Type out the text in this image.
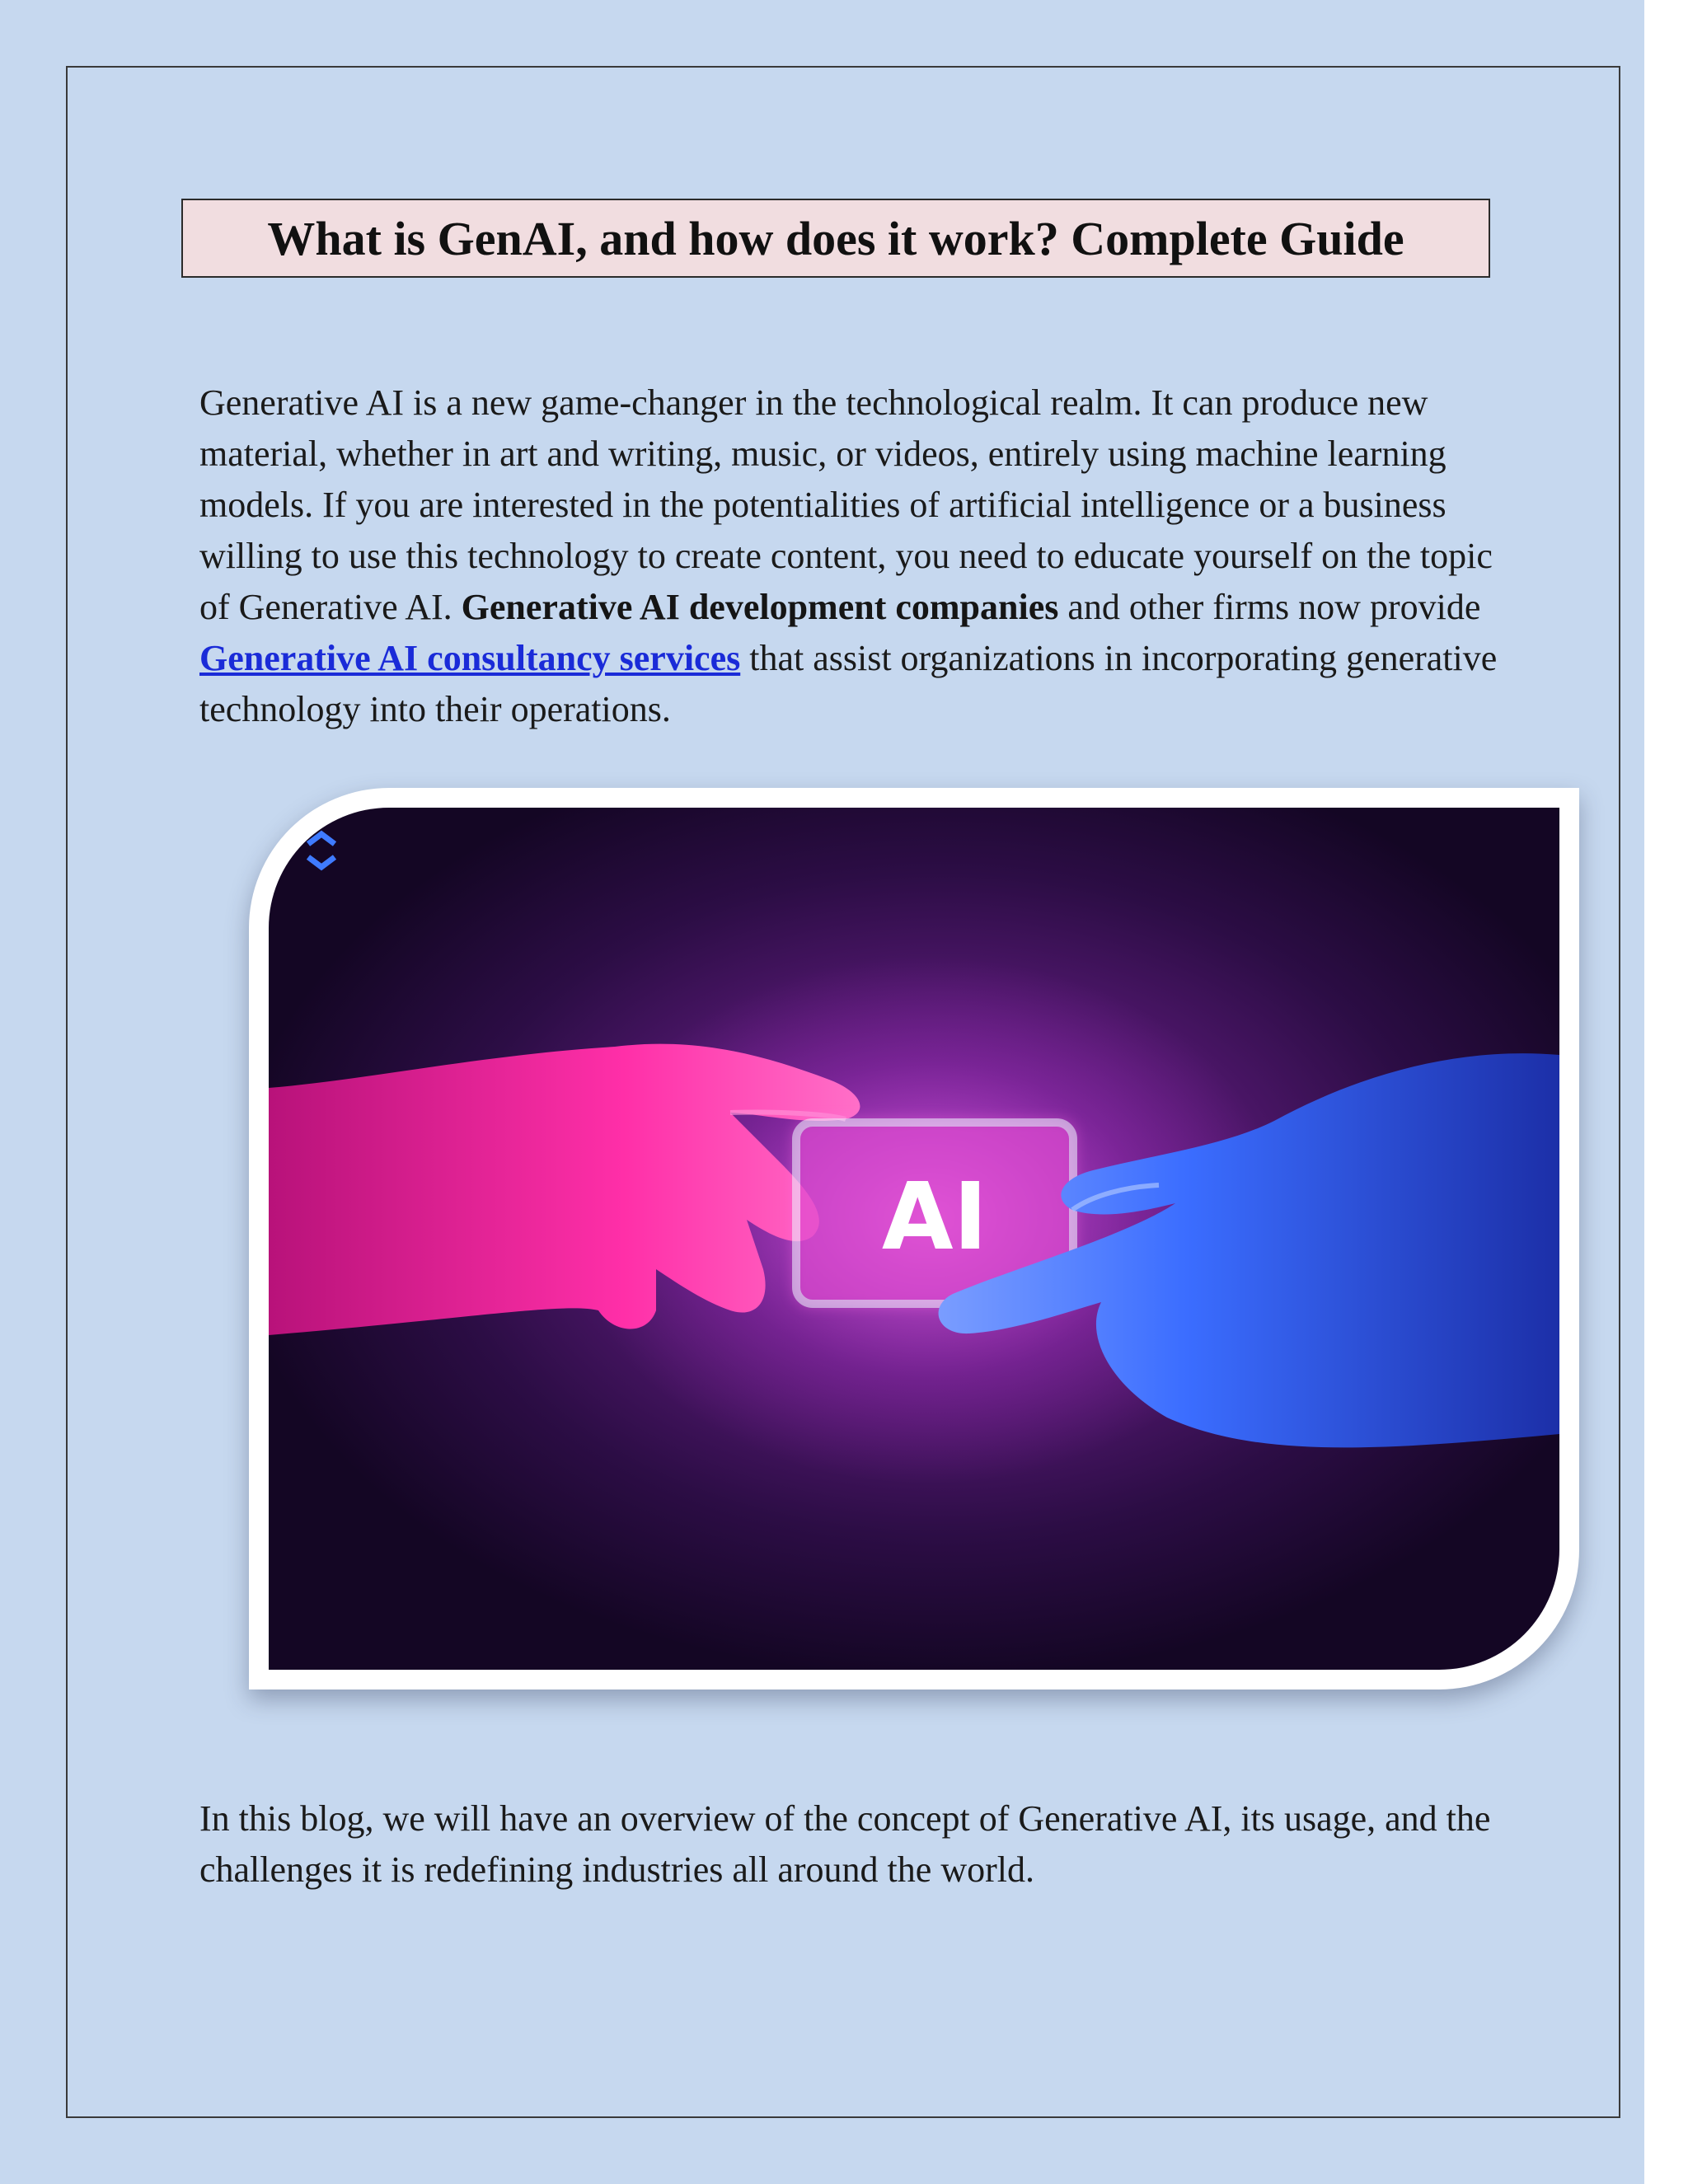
What is GenAI, and how does it work? Complete Guide

Generative AI is a new game-changer in the technological realm. It can produce new material, whether in art and writing, music, or videos, entirely using machine learning models. If you are interested in the potentialities of artificial intelligence or a business willing to use this technology to create content, you need to educate yourself on the topic of Generative AI. Generative AI development companies and other firms now provide Generative AI consultancy services that assist organizations in incorporating generative technology into their operations.

AI

In this blog, we will have an overview of the concept of Generative AI, its usage, and the challenges it is redefining industries all around the world.
